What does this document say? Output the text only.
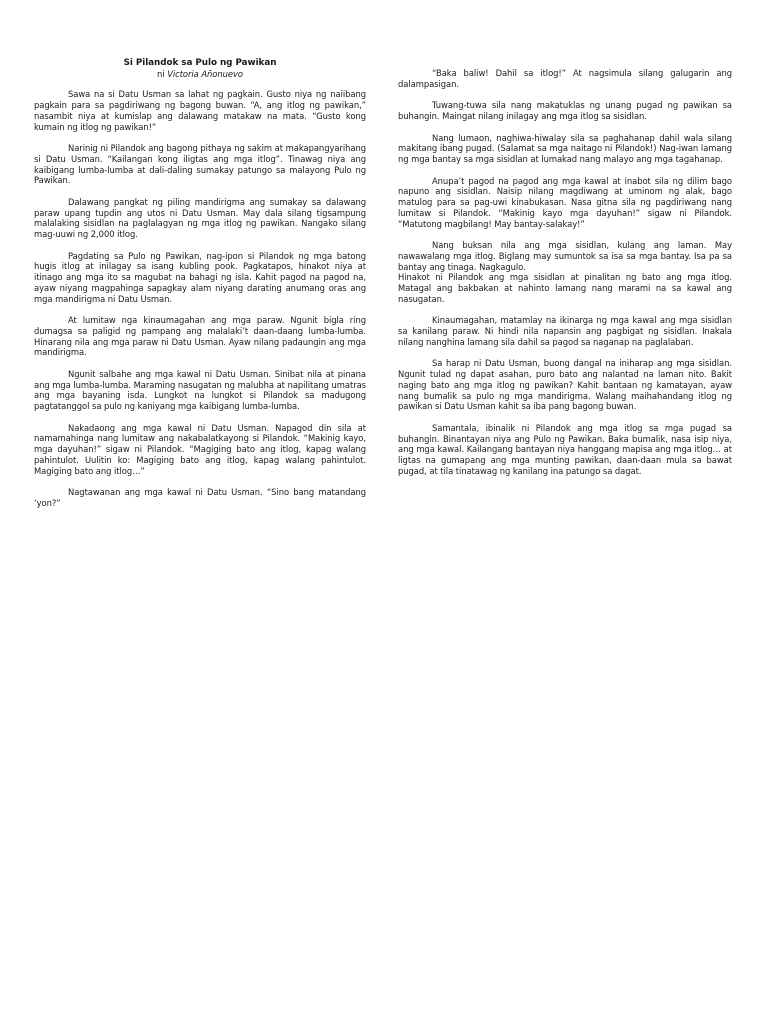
Si Pilandok sa Pulo ng Pawikan
ni Victoria Añonuevo

Sawa na si Datu Usman sa lahat ng pagkain. Gusto niya ng naiibang pagkain para sa pagdiriwang ng bagong buwan. “A, ang itlog ng pawikan,” nasambit niya at kumislap ang dalawang matakaw na mata. “Gusto kong kumain ng itlog ng pawikan!”

Narinig ni Pilandok ang bagong pithaya ng sakim at makapangyarihang si Datu Usman. “Kailangan kong iligtas ang mga itlog”. Tinawag niya ang kaibigang lumba-lumba at dali-daling sumakay patungo sa malayong Pulo ng Pawikan.

Dalawang pangkat ng piling mandirigma ang sumakay sa dalawang paraw upang tupdin ang utos ni Datu Usman. May dala silang tigsampung malalaking sisidlan na paglalagyan ng mga itlog ng pawikan. Nangako silang mag-uuwi ng 2,000 itlog.

Pagdating sa Pulo ng Pawikan, nag-ipon si Pilandok ng mga batong hugis itlog at inilagay sa isang kubling pook. Pagkatapos, hinakot niya at itinago ang mga ito sa magubat na bahagi ng isla. Kahit pagod na pagod na, ayaw niyang magpahinga sapagkay alam niyang darating anumang oras ang mga mandirigma ni Datu Usman.

At lumitaw nga kinaumagahan ang mga paraw. Ngunit bigla ring dumagsa sa paligid ng pampang ang malalaki’t daan-daang lumba-lumba. Hinarang nila ang mga paraw ni Datu Usman. Ayaw nilang padaungin ang mga mandirigma.

Ngunit salbahe ang mga kawal ni Datu Usman. Sinibat nila at pinana ang mga lumba-lumba. Maraming nasugatan ng malubha at napilitang umatras ang mga bayaning isda. Lungkot na lungkot si Pilandok sa madugong pagtatanggol sa pulo ng kaniyang mga kaibigang lumba-lumba.

Nakadaong ang mga kawal ni Datu Usman. Napagod din sila at namamahinga nang lumitaw ang nakabalatkayong si Pilandok. “Makinig kayo, mga dayuhan!” sigaw ni Pilandok. “Magiging bato ang itlog, kapag walang pahintulot. Uulitin ko: Magiging bato ang itlog, kapag walang pahintulot. Magiging bato ang itlog…”

Nagtawanan ang mga kawal ni Datu Usman. “Sino bang matandang ‘yon?”

“Baka baliw! Dahil sa itlog!” At nagsimula silang galugarin ang dalampasigan.

Tuwang-tuwa sila nang makatuklas ng unang pugad ng pawikan sa buhangin. Maingat nilang inilagay ang mga itlog sa sisidlan.

Nang lumaon, naghiwa-hiwalay sila sa paghahanap dahil wala silang makitang ibang pugad. (Salamat sa mga naitago ni Pilandok!) Nag-iwan lamang ng mga bantay sa mga sisidlan at lumakad nang malayo ang mga tagahanap.

Anupa’t pagod na pagod ang mga kawal at inabot sila ng dilim bago napuno ang sisidlan. Naisip nilang magdiwang at uminom ng alak, bago matulog para sa pag-uwi kinabukasan. Nasa gitna sila ng pagdiriwang nang lumitaw si Pilandok. “Makinig kayo mga dayuhan!” sigaw ni Pilandok. “Matutong magbilang! May bantay-salakay!”

Nang buksan nila ang mga sisidlan, kulang ang laman. May nawawalang mga itlog. Biglang may sumuntok sa isa sa mga bantay. Isa pa sa bantay ang tinaga. Nagkagulo.

Hinakot ni Pilandok ang mga sisidlan at pinalitan ng bato ang mga itlog. Matagal ang bakbakan at nahinto lamang nang marami na sa kawal ang nasugatan.

Kinaumagahan, matamlay na ikinarga ng mga kawal ang mga sisidlan sa kanilang paraw. Ni hindi nila napansin ang pagbigat ng sisidlan. Inakala nilang nanghina lamang sila dahil sa pagod sa naganap na paglalaban.

Sa harap ni Datu Usman, buong dangal na iniharap ang mga sisidlan. Ngunit tulad ng dapat asahan, puro bato ang nalantad na laman nito. Bakit naging bato ang mga itlog ng pawikan? Kahit bantaan ng kamatayan, ayaw nang bumalik sa pulo ng mga mandirigma. Walang maihahandang itlog ng pawikan si Datu Usman kahit sa iba pang bagong buwan.

Samantala, ibinalik ni Pilandok ang mga itlog sa mga pugad sa buhangin. Binantayan niya ang Pulo ng Pawikan. Baka bumalik, nasa isip niya, ang mga kawal. Kailangang bantayan niya hanggang mapisa ang mga itlog… at ligtas na gumapang ang mga munting pawikan, daan-daan mula sa bawat pugad, at tila tinatawag ng kanilang ina patungo sa dagat.
